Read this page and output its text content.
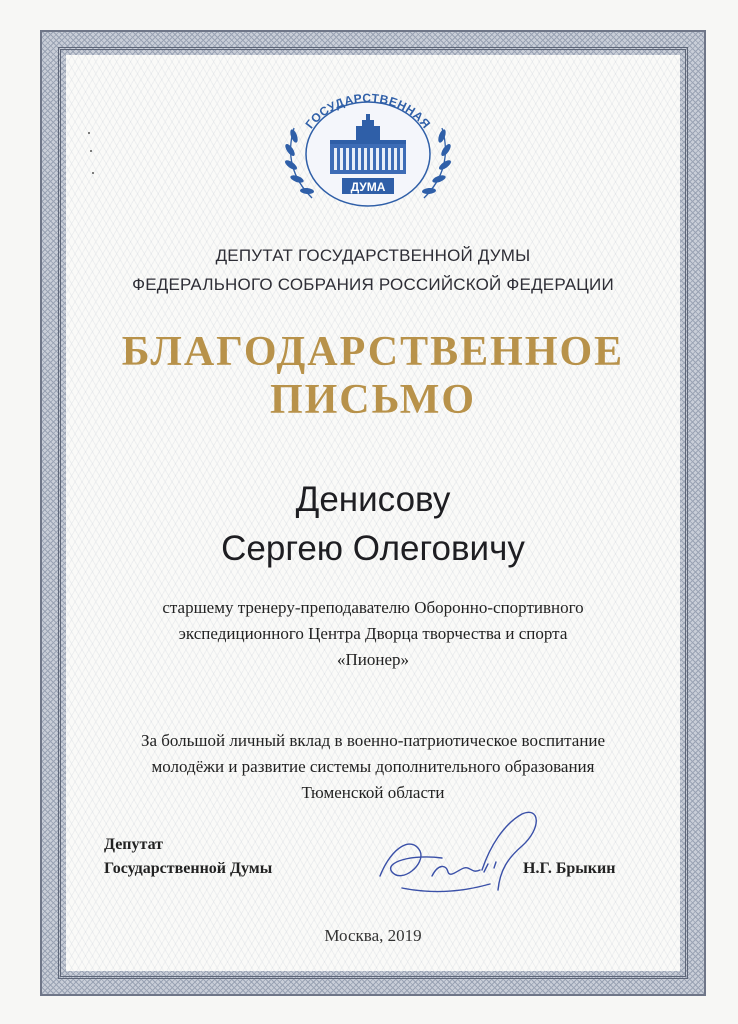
ГОСУДАРСТВЕННАЯ
ДУМА
ДЕПУТАТ ГОСУДАРСТВЕННОЙ ДУМЫ
ФЕДЕРАЛЬНОГО СОБРАНИЯ РОССИЙСКОЙ ФЕДЕРАЦИИ
БЛАГОДАРСТВЕННОЕ
ПИСЬМО
Денисову
Сергею Олеговичу
старшему тренеру-преподавателю Оборонно-спортивного
экспедиционного Центра Дворца творчества и спорта
«Пионер»
За большой личный вклад в военно-патриотическое воспитание
молодёжи и развитие системы дополнительного образования
Тюменской области
Депутат
Государственной Думы	Н.Г. Брыкин
Москва, 2019
